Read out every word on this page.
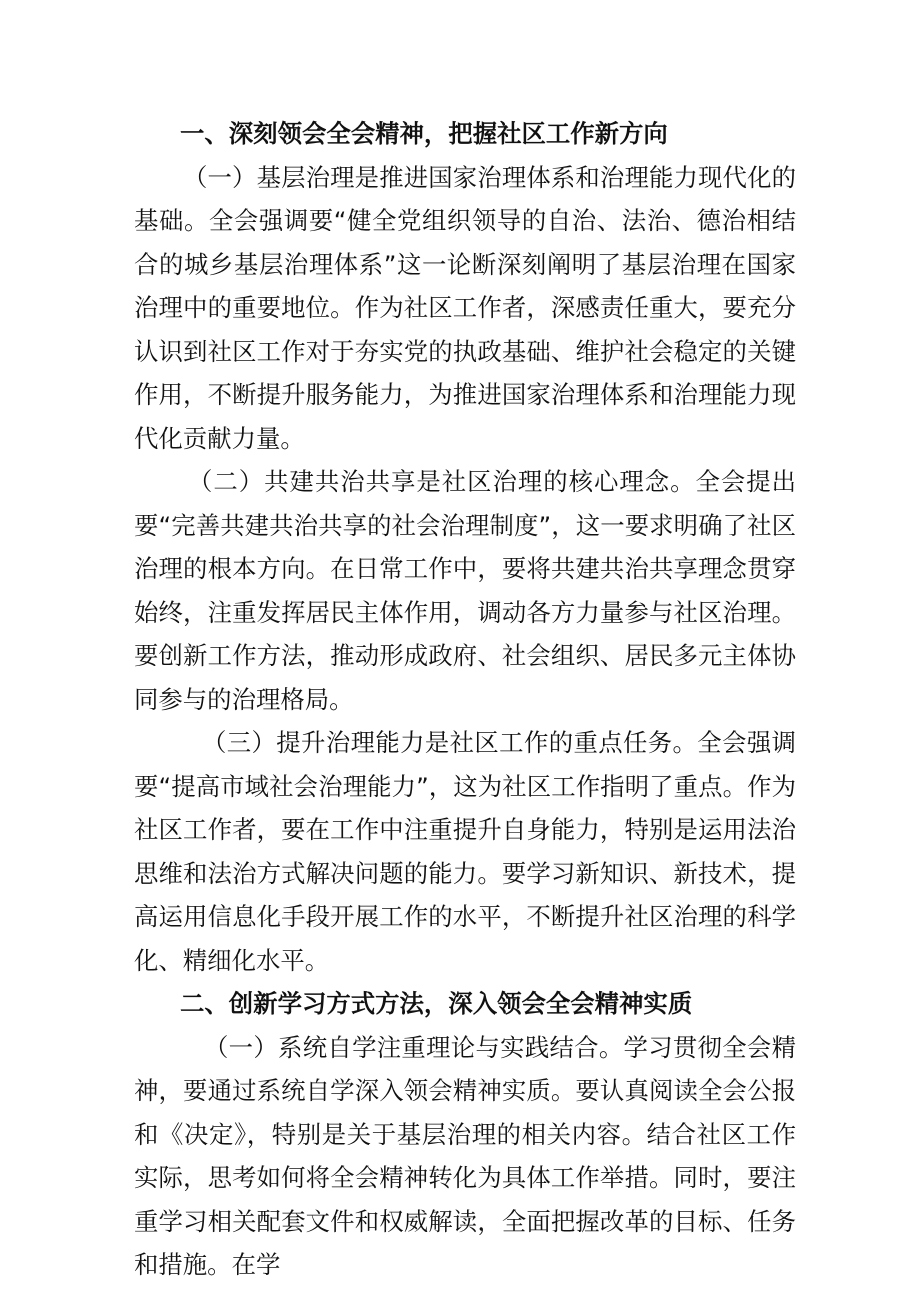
一、深刻领会全会精神，把握社区工作新方向

（一）基层治理是推进国家治理体系和治理能力现代化的基础。全会强调要“健全党组织领导的自治、法治、德治相结合的城乡基层治理体系”这一论断深刻阐明了基层治理在国家治理中的重要地位。作为社区工作者，深感责任重大，要充分认识到社区工作对于夯实党的执政基础、维护社会稳定的关键作用，不断提升服务能力，为推进国家治理体系和治理能力现代化贡献力量。

（二）共建共治共享是社区治理的核心理念。全会提出要“完善共建共治共享的社会治理制度”，这一要求明确了社区治理的根本方向。在日常工作中，要将共建共治共享理念贯穿始终，注重发挥居民主体作用，调动各方力量参与社区治理。要创新工作方法，推动形成政府、社会组织、居民多元主体协同参与的治理格局。

（三）提升治理能力是社区工作的重点任务。全会强调要“提高市域社会治理能力”，这为社区工作指明了重点。作为社区工作者，要在工作中注重提升自身能力，特别是运用法治思维和法治方式解决问题的能力。要学习新知识、新技术，提高运用信息化手段开展工作的水平，不断提升社区治理的科学化、精细化水平。

二、创新学习方式方法，深入领会全会精神实质

（一）系统自学注重理论与实践结合。学习贯彻全会精神，要通过系统自学深入领会精神实质。要认真阅读全会公报和《决定》，特别是关于基层治理的相关内容。结合社区工作实际，思考如何将全会精神转化为具体工作举措。同时，要注重学习相关配套文件和权威解读，全面把握改革的目标、任务和措施。在学
